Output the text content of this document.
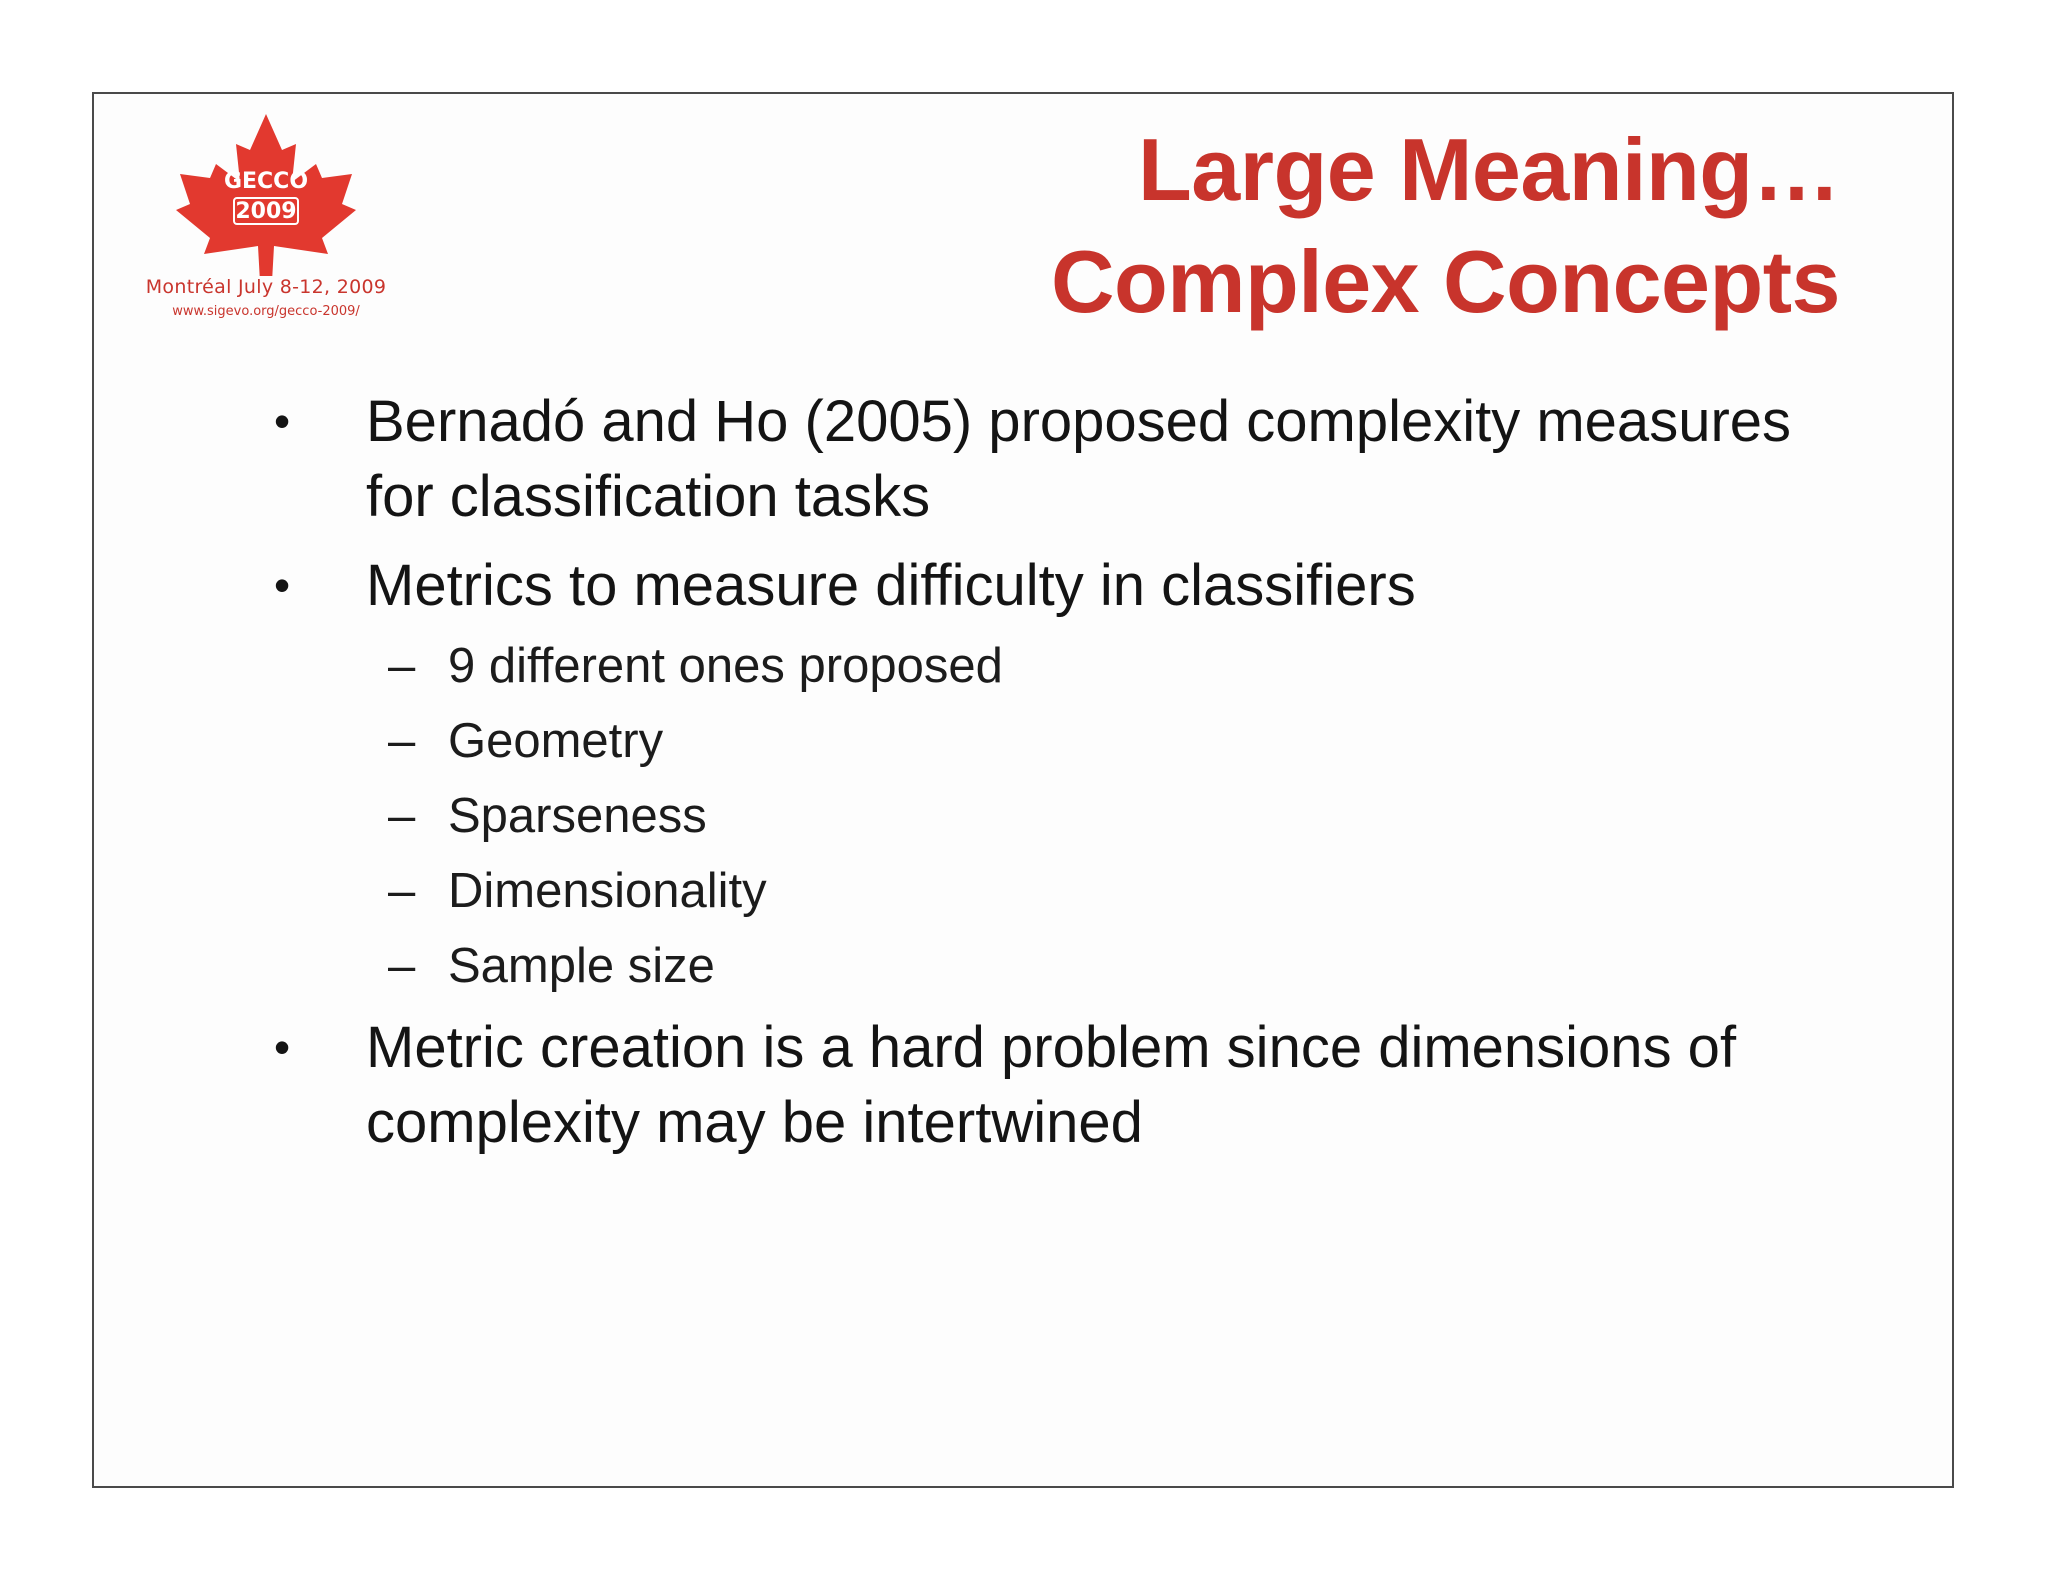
GECCO
2009
Montréal July 8-12, 2009
www.sigevo.org/gecco-2009/
Large Meaning…
Complex Concepts
•	Bernadó and Ho (2005) proposed complexity measures for classification tasks
•	Metrics to measure difficulty in classifiers
– 9 different ones proposed
– Geometry
– Sparseness
– Dimensionality
– Sample size
•	Metric creation is a hard problem since dimensions of complexity may be intertwined
